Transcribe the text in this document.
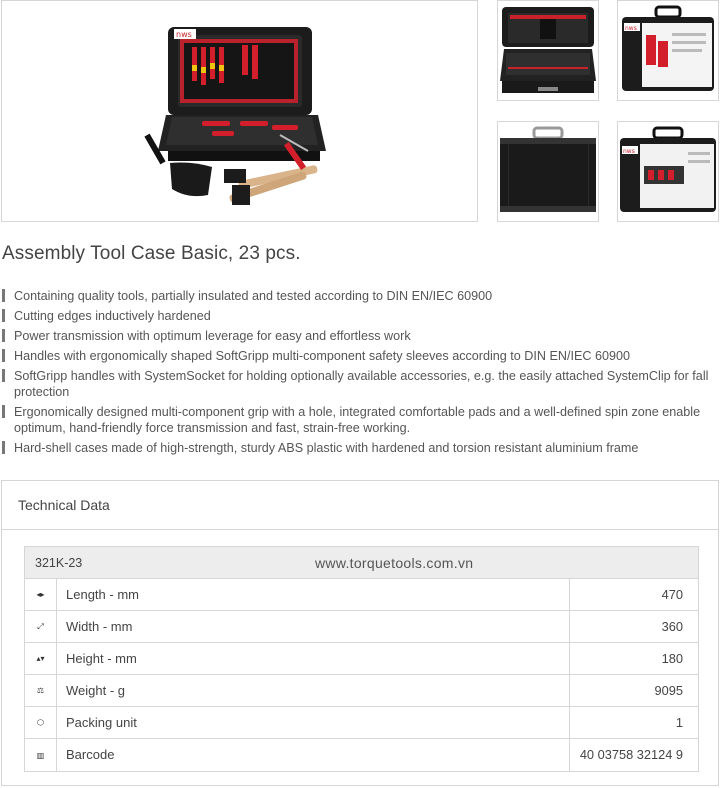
nws
nws
nws
Assembly Tool Case Basic, 23 pcs.
Containing quality tools, partially insulated and tested according to DIN EN/IEC 60900
Cutting edges inductively hardened
Power transmission with optimum leverage for easy and effortless work
Handles with ergonomically shaped SoftGripp multi-component safety sleeves according to DIN EN/IEC 60900
SoftGripp handles with SystemSocket for holding optionally available accessories, e.g. the easily attached SystemClip for fall protection
Ergonomically designed multi-component grip with a hole, integrated comfortable pads and a well-defined spin zone enable optimum, hand-friendly force transmission and fast, strain-free working.
Hard-shell cases made of high-strength, sturdy ABS plastic with hardened and torsion resistant aluminium frame
Technical Data
321K-23	www.torquetools.com.vn
◂▸	Length - mm	470
⤢	Width - mm	360
▴▾	Height - mm	180
⚖	Weight - g	9095
⬡	Packing unit	1
▥	Barcode	40 03758 32124 9
